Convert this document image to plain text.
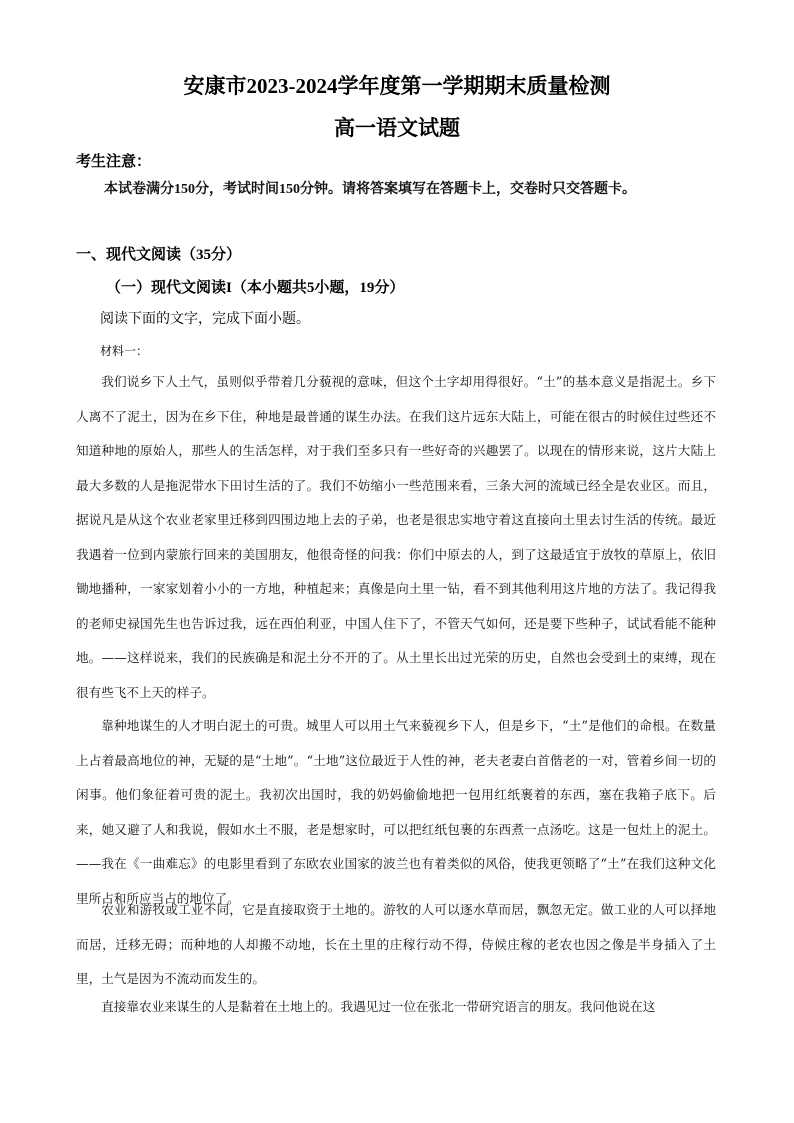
安康市2023-2024学年度第一学期期末质量检测
高一语文试题
考生注意：

本试卷满分150分，考试时间150分钟。请将答案填写在答题卡上，交卷时只交答题卡。

一、现代文阅读（35分）
（一）现代文阅读I（本小题共5小题，19分）
阅读下面的文字，完成下面小题。
材料一：

我们说乡下人土气，虽则似乎带着几分藐视的意味，但这个土字却用得很好。“土”的基本意义是指泥土。乡下人离不了泥土，因为在乡下住，种地是最普通的谋生办法。在我们这片远东大陆上，可能在很古的时候住过些还不知道种地的原始人，那些人的生活怎样，对于我们至多只有一些好奇的兴趣罢了。以现在的情形来说，这片大陆上最大多数的人是拖泥带水下田讨生活的了。我们不妨缩小一些范围来看，三条大河的流域已经全是农业区。而且，据说凡是从这个农业老家里迁移到四围边地上去的子弟，也老是很忠实地守着这直接向土里去讨生活的传统。最近我遇着一位到内蒙旅行回来的美国朋友，他很奇怪的问我：你们中原去的人，到了这最适宜于放牧的草原上，依旧锄地播种，一家家划着小小的一方地，种植起来；真像是向土里一钻，看不到其他利用这片地的方法了。我记得我的老师史禄国先生也告诉过我，远在西伯利亚，中国人住下了，不管天气如何，还是要下些种子，试试看能不能种地。——这样说来，我们的民族确是和泥土分不开的了。从土里长出过光荣的历史，自然也会受到土的束缚，现在很有些飞不上天的样子。

靠种地谋生的人才明白泥土的可贵。城里人可以用土气来藐视乡下人，但是乡下，“土”是他们的命根。在数量上占着最高地位的神，无疑的是“土地”。“土地”这位最近于人性的神，老夫老妻白首偕老的一对，管着乡间一切的闲事。他们象征着可贵的泥土。我初次出国时，我的奶妈偷偷地把一包用红纸裹着的东西，塞在我箱子底下。后来，她又避了人和我说，假如水土不服，老是想家时，可以把红纸包裹的东西煮一点汤吃。这是一包灶上的泥土。——我在《一曲难忘》的电影里看到了东欧农业国家的波兰也有着类似的风俗，使我更领略了“土”在我们这种文化里所占和所应当占的地位了。

农业和游牧或工业不同，它是直接取资于土地的。游牧的人可以逐水草而居，飘忽无定。做工业的人可以择地而居，迁移无碍；而种地的人却搬不动地，长在土里的庄稼行动不得，侍候庄稼的老农也因之像是半身插入了土里，土气是因为不流动而发生的。

直接靠农业来谋生的人是黏着在土地上的。我遇见过一位在张北一带研究语言的朋友。我问他说在这
